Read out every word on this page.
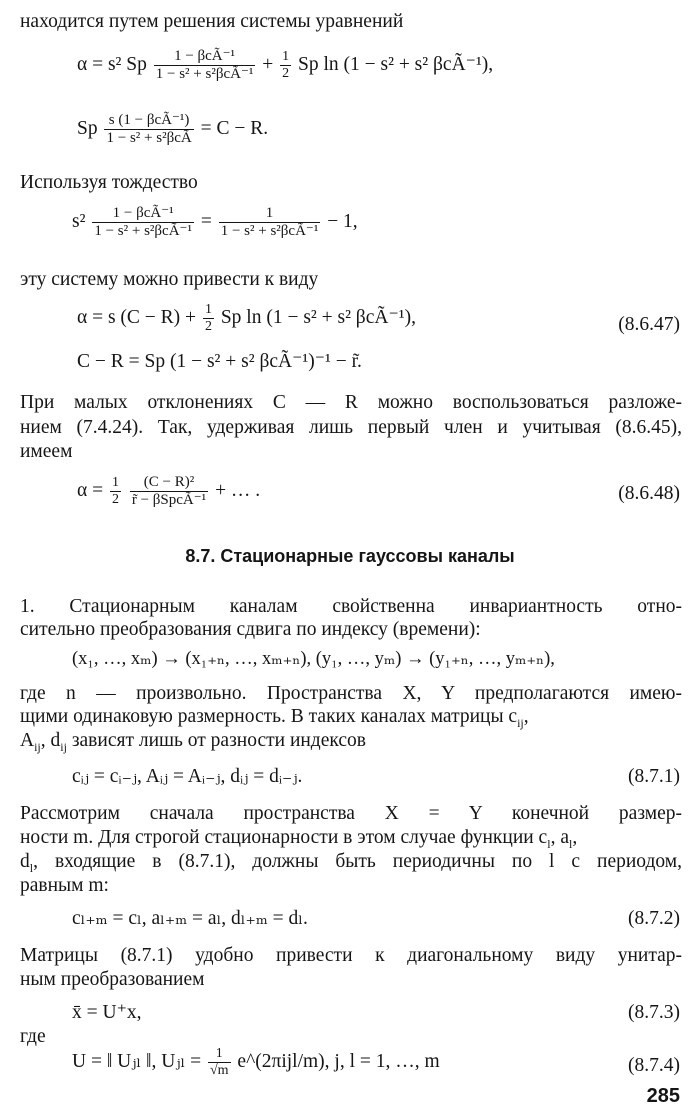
находится путем решения системы уравнений
α = s² Sp $\frac{\text{1 − βcÃ⁻¹}}{\text{1 − s² + s²βcÃ⁻¹}} + \frac{1}{2}$ Sp ln (1 − s² + s² βcÃ⁻¹),
Sp $\frac{\text{s (1 − βcÃ⁻¹)}}{\text{1 − s² + s²βcÃ}} = C - R$.
Используя тождество
$s^2 \frac{\text{1 − βcÃ⁻¹}}{\text{1 − s² + s²βcÃ⁻¹}} = \frac{1}{\text{1 − s² + s²βcÃ⁻¹}} - 1$,
эту систему можно привести к виду
α = s $(C - R) + \frac{1}{2}$ Sp ln (1 − s² + s² βcÃ⁻¹),	(8.6.47)
C − R = Sp (1 − s² + s² βcÃ⁻¹)⁻¹ − r̃.
При малых отклонениях C — R можно воспользоваться разложе-
нием (7.4.24). Так, удерживая лишь первый член и учитывая (8.6.45),
имеем
$\alpha = \frac{1}{2}$
$\frac{\text{(C − R)²}}{\text{r̃ − βSpcÃ⁻¹}}$ + … .	(8.6.48)
8.7. Стационарные гауссовы каналы
1. Стационарным каналам свойственна инвариантность отно-
сительно преобразования сдвига по индексу (времени):
(x₁, …, xₘ) → (x₁₊ₙ, …, xₘ₊ₙ), (y₁, …, yₘ) → (y₁₊ₙ, …, yₘ₊ₙ),
где n — произвольно. Пространства X, Y предполагаются имею-
щими одинаковую размерность. В таких каналах матрицы $c_{ij}$,
$A_{ij}$, $d_{ij}$ зависят лишь от разности индексов
cᵢⱼ = cᵢ₋ⱼ, Aᵢⱼ = Aᵢ₋ⱼ, dᵢⱼ = dᵢ₋ⱼ.	(8.7.1)
Рассмотрим сначала пространства X = Y конечной размер-
ности m. Для строгой стационарности в этом случае функции $c_l$, $a_l$,
$d_l$, входящие в (8.7.1), должны быть периодичны по l с периодом,
равным m:
cₗ₊ₘ = cₗ, aₗ₊ₘ = aₗ, dₗ₊ₘ = dₗ.	(8.7.2)
Матрицы (8.7.1) удобно привести к диагональному виду унитар-
ным преобразованием
x̄ = U⁺x,	(8.7.3)
где
U = ‖ Uⱼₗ ‖, Uⱼₗ = $\frac{1}{√m}$ e^(2πijl/m), j, l = 1, …, m	(8.7.4)
285
